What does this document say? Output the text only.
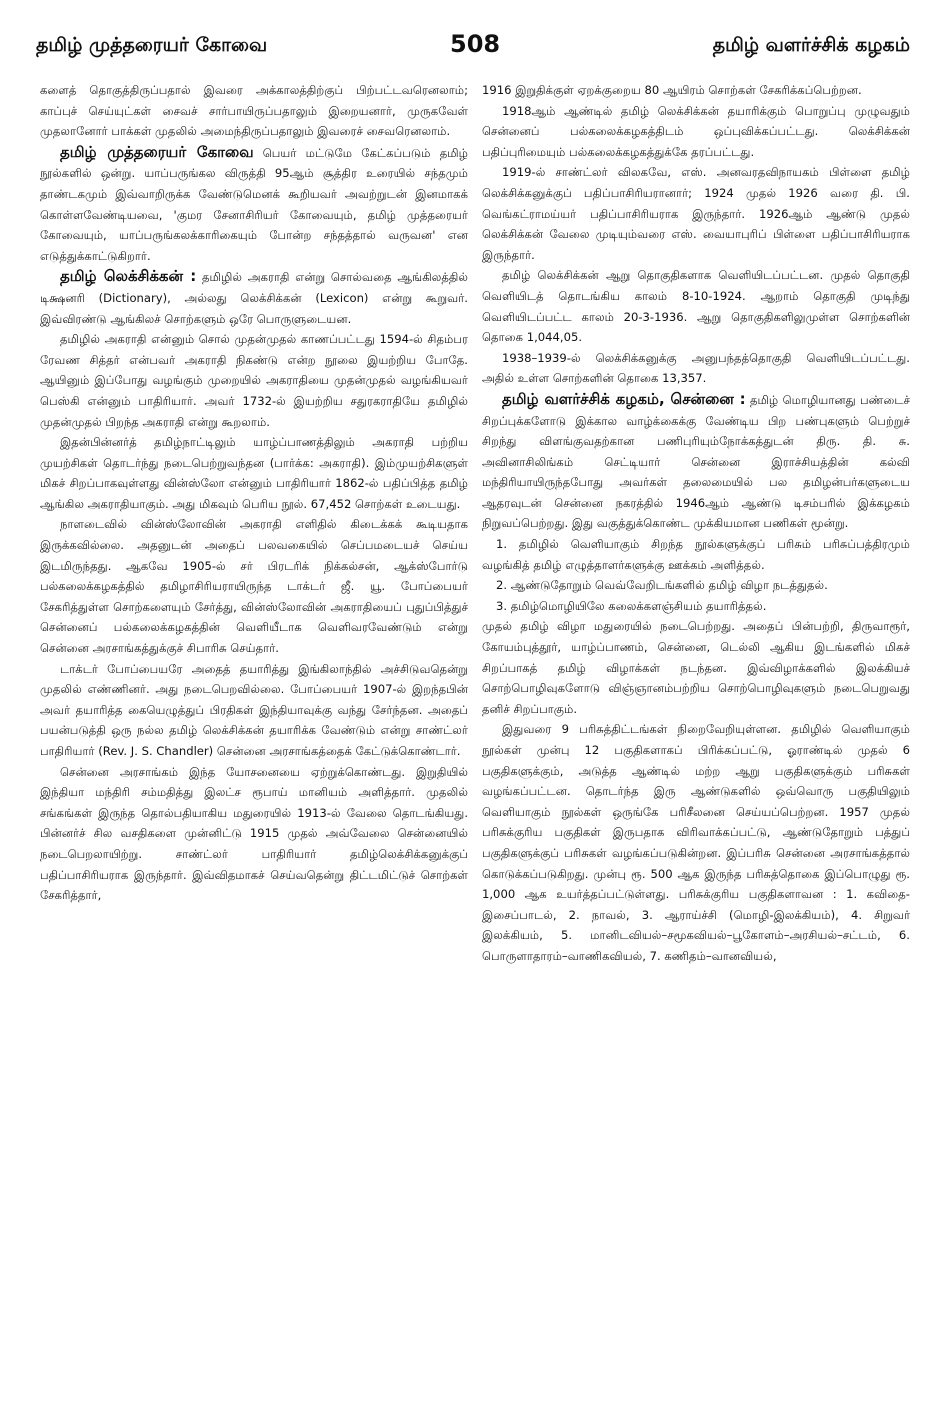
தமிழ் முத்தரையர் கோவை	508	தமிழ் வளர்ச்சிக் கழகம்

களைத் தொகுத்திருப்பதால் இவரை அக்காலத்திற்குப் பிற்பட்டவரெனலாம்; காப்புச் செய்யுட்கள் சைவச் சார்பாயிருப்பதாலும் இறையனார், முருகவேள் முதலானோர் பாக்கள் முதலில் அமைந்திருப்பதாலும் இவரைச் சைவரெனலாம்.

தமிழ் முத்தரையர் கோவை பெயர் மட்டுமே கேட்கப்படும் தமிழ் நூல்களில் ஒன்று. யாப்பருங்கல விருத்தி 95ஆம் சூத்திர உரையில் சந்தமும் தாண்டகமும் இவ்வாறிருக்க வேண்டுமெனக் கூறியவர் அவற்றுடன் இனமாகக் கொள்ளவேண்டியவை, 'குமர சேனாசிரியர் கோவையும், தமிழ் முத்தரையர் கோவையும், யாப்பருங்கலக்காரிகையும் போன்ற சந்தத்தால் வருவன' என எடுத்துக்காட்டுகிறார்.

தமிழ் லெக்சிக்கன் : தமிழில் அகராதி என்று சொல்வதை ஆங்கிலத்தில் டிக்ஷனரி (Dictionary), அல்லது லெக்சிக்கன் (Lexicon) என்று கூறுவர். இவ்விரண்டு ஆங்கிலச் சொற்களும் ஒரே பொருளுடையன.

தமிழில் அகராதி என்னும் சொல் முதன்முதல் காணப்பட்டது 1594-ல் சிதம்பர ரேவண சித்தர் என்பவர் அகராதி நிகண்டு என்ற நூலை இயற்றிய போதே. ஆயினும் இப்போது வழங்கும் முறையில் அகராதியை முதன்முதல் வழங்கியவர் பெஸ்கி என்னும் பாதிரியார். அவர் 1732-ல் இயற்றிய சதுரகராதியே தமிழில் முதன்முதல் பிறந்த அகராதி என்று கூறலாம்.

இதன்பின்னர்த் தமிழ்நாட்டிலும் யாழ்ப்பாணத்திலும் அகராதி பற்றிய முயற்சிகள் தொடர்ந்து நடைபெற்றுவந்தன (பார்க்க: அகராதி). இம்முயற்சிகளுள் மிகச் சிறப்பாகவுள்ளது வின்ஸ்லோ என்னும் பாதிரியார் 1862-ல் பதிப்பித்த தமிழ் ஆங்கில அகராதியாகும். அது மிகவும் பெரிய நூல். 67,452 சொற்கள் உடையது.

நாளடைவில் வின்ஸ்லோவின் அகராதி எளிதில் கிடைக்கக் கூடியதாக இருக்கவில்லை. அதனுடன் அதைப் பலவகையில் செப்பமடையச் செய்ய இடமிருந்தது. ஆகவே 1905-ல் சர் பிரடரிக் நிக்கல்சன், ஆக்ஸ்போர்டு பல்கலைக்கழகத்தில் தமிழாசிரியராயிருந்த டாக்டர் ஜீ. யூ. போப்பையர் சேகரித்துள்ள சொற்களையும் சேர்த்து, வின்ஸ்லோவின் அகராதியைப் புதுப்பித்துச் சென்னைப் பல்கலைக்கழகத்தின் வெளியீடாக வெளிவரவேண்டும் என்று சென்னை அரசாங்கத்துக்குச் சிபாரிசு செய்தார்.

டாக்டர் போப்பையரே அதைத் தயாரித்து இங்கிலாந்தில் அச்சிடுவதென்று முதலில் எண்ணினர். அது நடைபெறவில்லை. போப்பையர் 1907-ல் இறந்தபின் அவர் தயாரித்த கையெழுத்துப் பிரதிகள் இந்தியாவுக்கு வந்து சேர்ந்தன. அதைப் பயன்படுத்தி ஒரு நல்ல தமிழ் லெக்சிக்கன் தயாரிக்க வேண்டும் என்று சாண்ட்லர் பாதிரியார் (Rev. J. S. Chandler) சென்னை அரசாங்கத்தைக் கேட்டுக்கொண்டார்.

சென்னை அரசாங்கம் இந்த யோசனையை ஏற்றுக்கொண்டது. இறுதியில் இந்தியா மந்திரி சம்மதித்து இலட்ச ரூபாய் மானியம் அளித்தார். முதலில் சங்கங்கள் இருந்த தொல்பதியாகிய மதுரையில் 1913-ல் வேலை தொடங்கியது. பின்னர்ச் சில வசதிகளை முன்னிட்டு 1915 முதல் அவ்வேலை சென்னையில் நடைபெறலாயிற்று. சாண்ட்லர் பாதிரியார் தமிழ்லெக்சிக்கனுக்குப் பதிப்பாசிரியராக இருந்தார். இவ்விதமாகச் செய்வதென்று திட்டமிட்டுச் சொற்கள் சேகரித்தார்,

1916 இறுதிக்குள் ஏறக்குறைய 80 ஆயிரம் சொற்கள் சேகரிக்கப்பெற்றன.

1918ஆம் ஆண்டில் தமிழ் லெக்சிக்கன் தயாரிக்கும் பொறுப்பு முழுவதும் சென்னைப் பல்கலைக்கழகத்திடம் ஒப்புவிக்கப்பட்டது. லெக்சிக்கன் பதிப்புரிமையும் பல்கலைக்கழகத்துக்கே தரப்பட்டது.

1919-ல் சாண்ட்லர் விலகவே, எஸ். அனவரதவிநாயகம் பிள்ளை தமிழ் லெக்சிக்கனுக்குப் பதிப்பாசிரியரானார்; 1924 முதல் 1926 வரை தி. பி. வெங்கட்ராமய்யர் பதிப்பாசிரியராக இருந்தார். 1926ஆம் ஆண்டு முதல் லெக்சிக்கன் வேலை முடியும்வரை எஸ். வையாபுரிப் பிள்ளை பதிப்பாசிரியராக இருந்தார்.

தமிழ் லெக்சிக்கன் ஆறு தொகுதிகளாக வெளியிடப்பட்டன. முதல் தொகுதி வெளியிடத் தொடங்கிய காலம் 8-10-1924. ஆறாம் தொகுதி முடிந்து வெளியிடப்பட்ட காலம் 20-3-1936. ஆறு தொகுதிகளிலுமுள்ள சொற்களின் தொகை 1,044,05.

1938–1939-ல் லெக்சிக்கனுக்கு அனுபந்தத்தொகுதி வெளியிடப்பட்டது. அதில் உள்ள சொற்களின் தொகை 13,357.

தமிழ் வளர்ச்சிக் கழகம், சென்னை : தமிழ் மொழியானது பண்டைச் சிறப்புக்களோடு இக்கால வாழ்க்கைக்கு வேண்டிய பிற பண்புகளும் பெற்றுச் சிறந்து விளங்குவதற்கான பணிபுரியும்நோக்கத்துடன் திரு. தி. சு. அவினாசிலிங்கம் செட்டியார் சென்னை இராச்சியத்தின் கல்வி மந்திரியாயிருந்தபோது அவர்கள் தலைமையில் பல தமிழன்பர்களுடைய ஆதரவுடன் சென்னை நகரத்தில் 1946ஆம் ஆண்டு டிசம்பரில் இக்கழகம் நிறுவப்பெற்றது. இது வகுத்துக்கொண்ட முக்கியமான பணிகள் மூன்று.

1. தமிழில் வெளியாகும் சிறந்த நூல்களுக்குப் பரிசும் பரிசுப்பத்திரமும் வழங்கித் தமிழ் எழுத்தாளர்களுக்கு ஊக்கம் அளித்தல்.

2. ஆண்டுதோறும் வெவ்வேறிடங்களில் தமிழ் விழா நடத்துதல்.

3. தமிழ்மொழியிலே கலைக்களஞ்சியம் தயாரித்தல்.

முதல் தமிழ் விழா மதுரையில் நடைபெற்றது. அதைப் பின்பற்றி, திருவாரூர், கோயம்புத்தூர், யாழ்ப்பாணம், சென்னை, டெல்லி ஆகிய இடங்களில் மிகச் சிறப்பாகத் தமிழ் விழாக்கள் நடந்தன. இவ்விழாக்களில் இலக்கியச் சொற்பொழிவுகளோடு விஞ்ஞானம்பற்றிய சொற்பொழிவுகளும் நடைபெறுவது தனிச் சிறப்பாகும்.

இதுவரை 9 பரிசுத்திட்டங்கள் நிறைவேறியுள்ளன. தமிழில் வெளியாகும் நூல்கள் முன்பு 12 பகுதிகளாகப் பிரிக்கப்பட்டு, ஓராண்டில் முதல் 6 பகுதிகளுக்கும், அடுத்த ஆண்டில் மற்ற ஆறு பகுதிகளுக்கும் பரிசுகள் வழங்கப்பட்டன. தொடர்ந்த இரு ஆண்டுகளில் ஒவ்வொரு பகுதியிலும் வெளியாகும் நூல்கள் ஒருங்கே பரிசீலனை செய்யப்பெற்றன. 1957 முதல் பரிசுக்குரிய பகுதிகள் இருபதாக விரிவாக்கப்பட்டு, ஆண்டுதோறும் பத்துப் பகுதிகளுக்குப் பரிசுகள் வழங்கப்படுகின்றன. இப்பரிசு சென்னை அரசாங்கத்தால் கொடுக்கப்படுகிறது. முன்பு ரூ. 500 ஆக இருந்த பரிசுத்தொகை இப்பொழுது ரூ. 1,000 ஆக உயர்த்தப்பட்டுள்ளது. பரிசுக்குரிய பகுதிகளாவன : 1. கவிதை-இசைப்பாடல், 2. நாவல், 3. ஆராய்ச்சி (மொழி-இலக்கியம்), 4. சிறுவர் இலக்கியம், 5. மானிடவியல்–சமூகவியல்–பூகோளம்–அரசியல்–சட்டம், 6. பொருளாதாரம்–வாணிகவியல், 7. கணிதம்–வானவியல்,
